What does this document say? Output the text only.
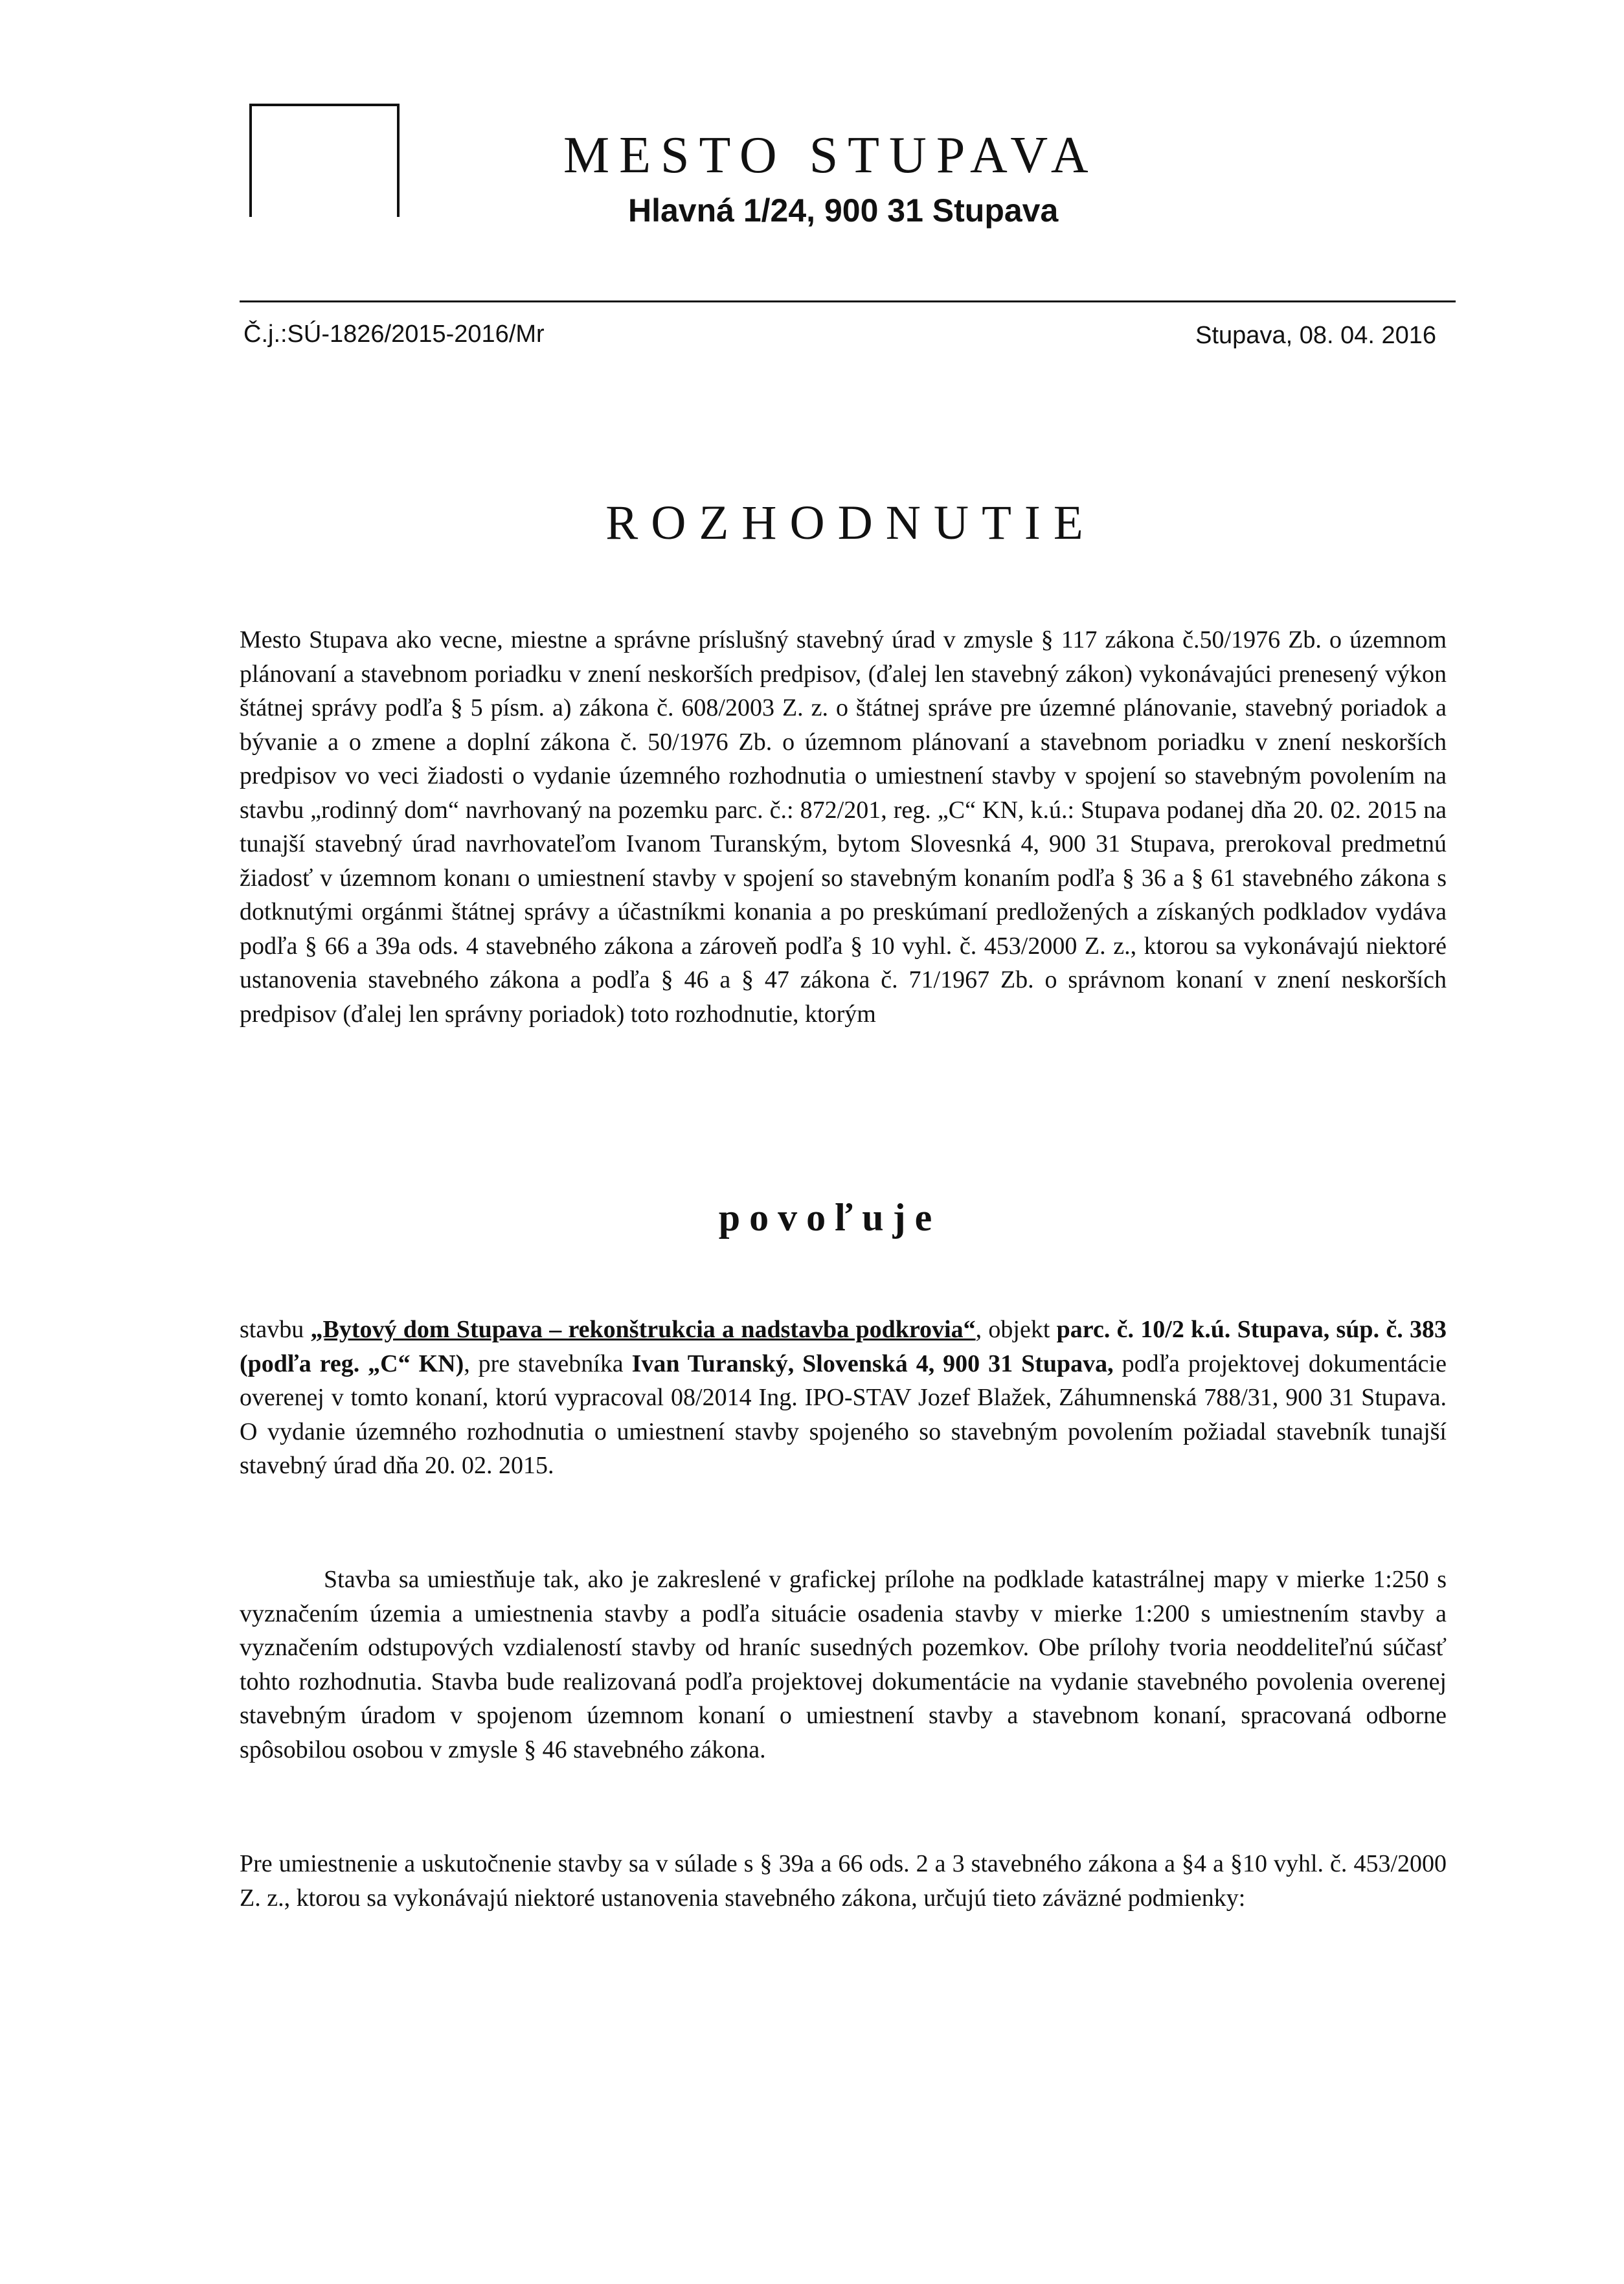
MESTO STUPAVA
Hlavná 1/24, 900 31 Stupava
Č.j.:SÚ-1826/2015-2016/Mr	Stupava, 08. 04. 2016
ROZHODNUTIE

Mesto Stupava ako vecne, miestne a správne príslušný stavebný úrad v zmysle § 117 zákona č.50/1976 Zb. o územnom plánovaní a stavebnom poriadku v znení neskorších predpisov, (ďalej len stavebný zákon) vykonávajúci prenesený výkon štátnej správy podľa § 5 písm. a) zákona č. 608/2003 Z. z. o štátnej správe pre územné plánovanie, stavebný poriadok a bývanie a o zmene a doplní zákona č. 50/1976 Zb. o územnom plánovaní a stavebnom poriadku v znení neskorších predpisov vo veci žiadosti o vydanie územného rozhodnutia o umiestnení stavby v spojení so stavebným povolením na stavbu „rodinný dom“ navrhovaný na pozemku parc. č.: 872/201, reg. „C“ KN, k.ú.: Stupava podanej dňa 20. 02. 2015 na tunajší stavebný úrad navrhovateľom Ivanom Turanským, bytom Slovesnká 4, 900 31 Stupava, prerokoval predmetnú žiadosť v územnom konanı o umiestnení stavby v spojení so stavebným konaním podľa § 36 a § 61 stavebného zákona s dotknutými orgánmi štátnej správy a účastníkmi konania a po preskúmaní predložených a získaných podkladov vydáva podľa § 66 a 39a ods. 4 stavebného zákona a zároveň podľa § 10 vyhl. č. 453/2000 Z. z., ktorou sa vykonávajú niektoré ustanovenia stavebného zákona a podľa § 46 a § 47 zákona č. 71/1967 Zb. o správnom konaní v znení neskorších predpisov (ďalej len správny poriadok) toto rozhodnutie, ktorým

povoľuje

stavbu „Bytový dom Stupava – rekonštrukcia a nadstavba podkrovia“, objekt parc. č. 10/2 k.ú. Stupava, súp. č. 383 (podľa reg. „C“ KN), pre stavebníka Ivan Turanský, Slovenská 4, 900 31 Stupava, podľa projektovej dokumentácie overenej v tomto konaní, ktorú vypracoval 08/2014 Ing. IPO-STAV Jozef Blažek, Záhumnenská 788/31, 900 31 Stupava. O vydanie územného rozhodnutia o umiestnení stavby spojeného so stavebným povolením požiadal stavebník tunajší stavebný úrad dňa 20. 02. 2015.

Stavba sa umiestňuje tak, ako je zakreslené v grafickej prílohe na podklade katastrálnej mapy v mierke 1:250 s vyznačením územia a umiestnenia stavby a podľa situácie osadenia stavby v mierke 1:200 s umiestnením stavby a vyznačením odstupových vzdialeností stavby od hraníc susedných pozemkov. Obe prílohy tvoria neoddeliteľnú súčasť tohto rozhodnutia. Stavba bude realizovaná podľa projektovej dokumentácie na vydanie stavebného povolenia overenej stavebným úradom v spojenom územnom konaní o umiestnení stavby a stavebnom konaní, spracovaná odborne spôsobilou osobou v zmysle § 46 stavebného zákona.

Pre umiestnenie a uskutočnenie stavby sa v súlade s § 39a a 66 ods. 2 a 3 stavebného zákona a §4 a §10 vyhl. č. 453/2000 Z. z., ktorou sa vykonávajú niektoré ustanovenia stavebného zákona, určujú tieto záväzné podmienky:
